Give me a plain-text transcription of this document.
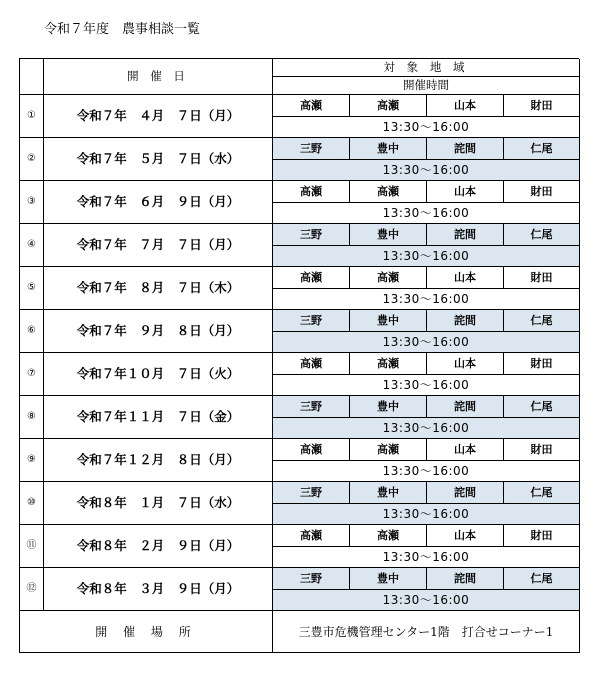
令和７年度　農事相談一覧
開 催 日
対 象 地 域
開催時間
①	令和７年　４月　７日（月）
高瀬	高瀬	山本	財田
13:30～16:00
②	令和７年　５月　７日（水）
三野	豊中	詫間	仁尾
13:30～16:00
③	令和７年　６月　９日（月）
高瀬	高瀬	山本	財田
13:30～16:00
④	令和７年　７月　７日（月）
三野	豊中	詫間	仁尾
13:30～16:00
⑤	令和７年　８月　７日（木）
高瀬	高瀬	山本	財田
13:30～16:00
⑥	令和７年　９月　８日（月）
三野	豊中	詫間	仁尾
13:30～16:00
⑦	令和７年１０月　７日（火）
高瀬	高瀬	山本	財田
13:30～16:00
⑧	令和７年１１月　７日（金）
三野	豊中	詫間	仁尾
13:30～16:00
⑨	令和７年１２月　８日（月）
高瀬	高瀬	山本	財田
13:30～16:00
⑩	令和８年　１月　７日（水）
三野	豊中	詫間	仁尾
13:30～16:00
⑪	令和８年　２月　９日（月）
高瀬	高瀬	山本	財田
13:30～16:00
⑫	令和８年　３月　９日（月）
三野	豊中	詫間	仁尾
13:30～16:00
開 催 場 所	三豊市危機管理センター1階　打合せコーナー1
